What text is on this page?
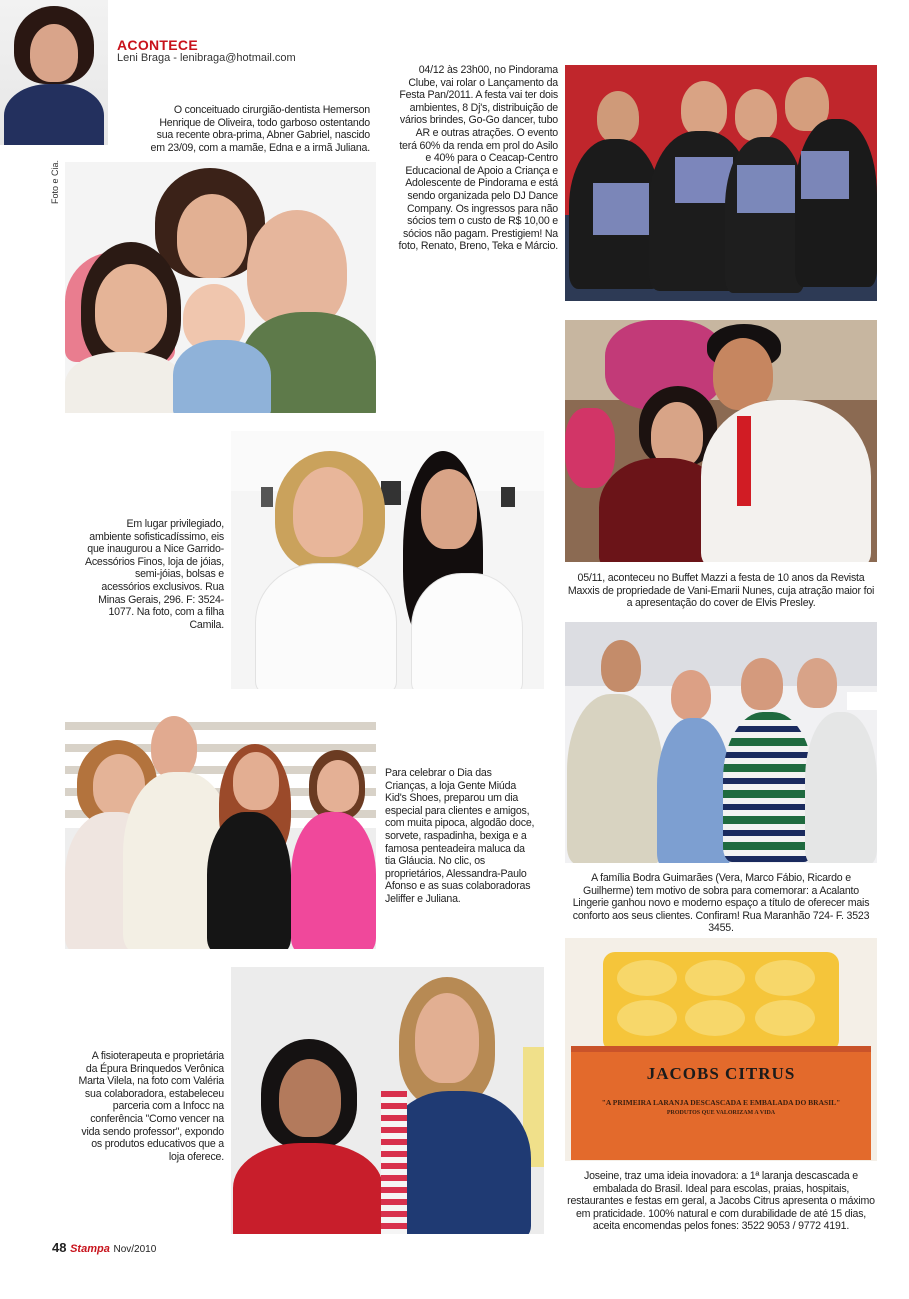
ACONTECE
Leni Braga - lenibraga@hotmail.com
Foto e Cia.
O conceituado cirurgião-dentista Hemerson Henrique de Oliveira, todo garboso ostentando sua recente obra-prima, Abner Gabriel, nascido em 23/09, com a mamãe, Edna e a irmã Juliana.
04/12 às 23h00, no Pindorama Clube, vai rolar o Lançamento da Festa Pan/2011. A festa vai ter dois ambientes, 8 Dj's, distribuição de vários brindes, Go-Go dancer, tubo AR e outras atrações. O evento terá 60% da renda em prol do Asilo e 40% para o Ceacap-Centro Educacional de Apoio a Criança e Adolescente de Pindorama e está sendo organizada pelo DJ Dance Company. Os ingressos para não sócios tem o custo de R$ 10,00 e sócios não pagam. Prestigiem! Na foto, Renato, Breno, Teka e Márcio.
05/11, aconteceu no Buffet Mazzi a festa de 10 anos da Revista Maxxis de propriedade de Vani-Emarii Nunes, cuja atração maior foi a apresentação do cover de Elvis Presley.
Em lugar privilegiado, ambiente sofisticadíssimo, eis que inaugurou a Nice Garrido-Acessórios Finos, loja de jóias, semi-jóias, bolsas e acessórios exclusivos. Rua Minas Gerais, 296. F: 3524-1077. Na foto, com a filha Camila.
A família Bodra Guimarães (Vera, Marco Fábio, Ricardo e Guilherme) tem motivo de sobra para comemorar: a Acalanto Lingerie ganhou novo e moderno espaço a título de oferecer mais conforto aos seus clientes. Confiram! Rua Maranhão 724- F. 3523 3455.
Para celebrar o Dia das Crianças, a loja Gente Miúda Kid's Shoes, preparou um dia especial para clientes e amigos, com muita pipoca, algodão doce, sorvete, raspadinha, bexiga e a famosa penteadeira maluca da tia Gláucia. No clic, os proprietários, Alessandra-Paulo Afonso e as suas colaboradoras Jeliffer e Juliana.
A fisioterapeuta e proprietária da Épura Brinquedos Verônica Marta Vilela, na foto com Valéria sua colaboradora, estabeleceu parceria com a Infocc na conferência "Como vencer na vida sendo professor", expondo os produtos educativos que a loja oferece.
JACOBS CITRUS
"A PRIMEIRA LARANJA DESCASCADA E EMBALADA DO BRASIL"
PRODUTOS QUE VALORIZAM A VIDA
Joseine, traz uma ideia inovadora: a 1ª laranja descascada e embalada do Brasil. Ideal para escolas, praias, hospitais, restaurantes e festas em geral, a Jacobs Citrus apresenta o máximo em praticidade. 100% natural e com durabilidade de até 15 dias, aceita encomendas pelos fones: 3522 9053 / 9772 4191.
48 Stampa Nov/2010
